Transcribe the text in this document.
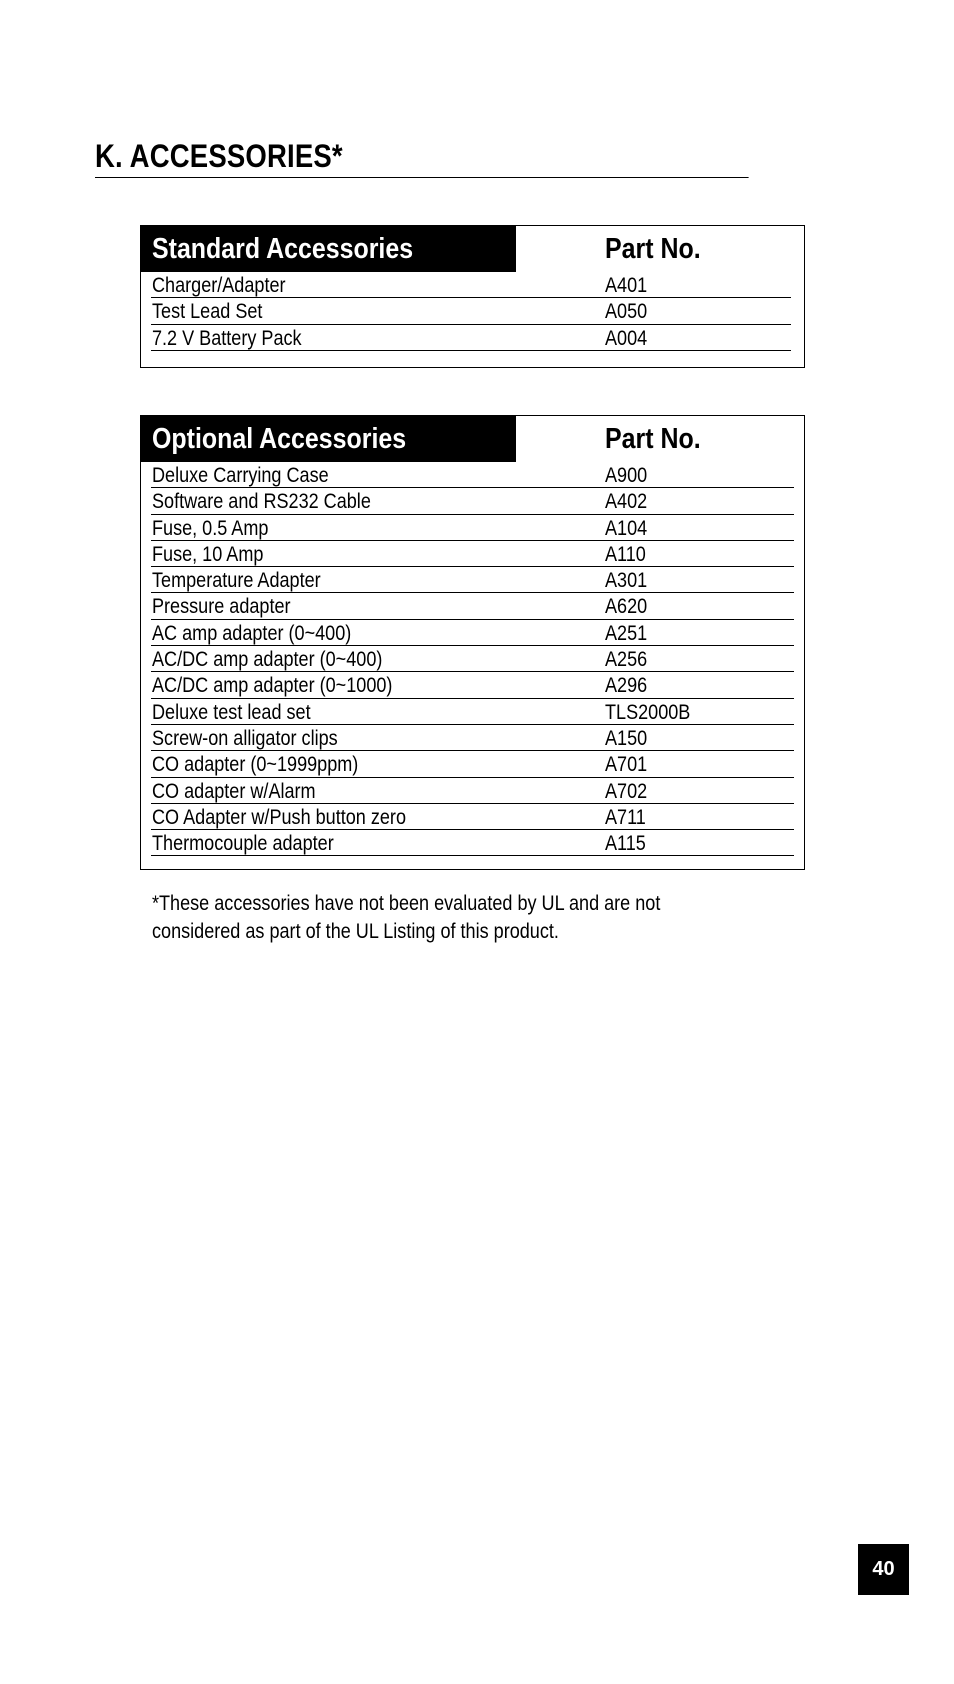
K. ACCESSORIES*
Standard Accessories	Part No.
Charger/Adapter	A401
Test Lead Set	A050
7.2 V Battery Pack	A004
Optional Accessories	Part No.
Deluxe Carrying Case	A900
Software and RS232 Cable	A402
Fuse, 0.5 Amp	A104
Fuse, 10 Amp	A110
Temperature Adapter	A301
Pressure adapter	A620
AC amp adapter (0~400)	A251
AC/DC amp adapter (0~400)	A256
AC/DC amp adapter (0~1000)	A296
Deluxe test lead set	TLS2000B
Screw-on alligator clips	A150
CO adapter (0~1999ppm)	A701
CO adapter w/Alarm	A702
CO Adapter w/Push button zero	A711
Thermocouple adapter	A115
*These accessories have not been evaluated by UL and are not
considered as part of the UL Listing of this product.
40
